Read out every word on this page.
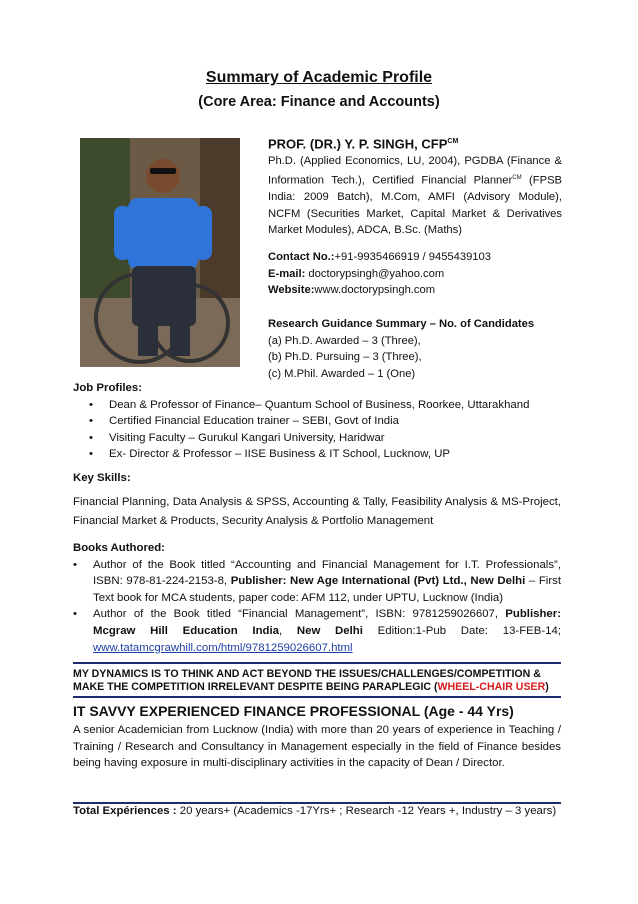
Summary of Academic Profile
(Core Area: Finance and Accounts)
PROF. (DR.) Y. P. SINGH, $CFP^{CM}$
Ph.D. (Applied Economics, LU, 2004), PGDBA (Finance & Information Tech.), Certified Financial Planner$^{CM}$ (FPSB India: 2009 Batch), M.Com, AMFI (Advisory Module), NCFM (Securities Market, Capital Market & Derivatives Market Modules), ADCA, B.Sc. (Maths)
Contact No.:+91-9935466919 / 9455439103
E-mail: doctorypsingh@yahoo.com
Website:www.doctorypsingh.com
Research Guidance Summary – No. of Candidates
(a) Ph.D. Awarded – 3 (Three),
(b) Ph.D. Pursuing – 3 (Three),
(c) M.Phil. Awarded – 1 (One)
Job Profiles:
• Dean & Professor of Finance– Quantum School of Business, Roorkee, Uttarakhand
• Certified Financial Education trainer – SEBI, Govt of India
• Visiting Faculty – Gurukul Kangari University, Haridwar
• Ex- Director & Professor – IISE Business & IT School, Lucknow, UP
Key Skills:
Financial Planning, Data Analysis & SPSS, Accounting & Tally, Feasibility Analysis & MS-Project, Financial Market & Products, Security Analysis & Portfolio Management
Books Authored:
• Author of the Book titled “Accounting and Financial Management for I.T. Professionals”, ISBN: 978-81-224-2153-8, Publisher: New Age International (Pvt) Ltd., New Delhi – First Text book for MCA students, paper code: AFM 112, under UPTU, Lucknow (India)
• Author of the Book titled “Financial Management”, ISBN: 9781259026607, Publisher: Mcgraw Hill Education India, New Delhi Edition:1-Pub Date: 13-FEB-14; www.tatamcgrawhill.com/html/9781259026607.html
MY DYNAMICS IS TO THINK AND ACT BEYOND THE ISSUES/CHALLENGES/COMPETITION & MAKE THE COMPETITION IRRELEVANT DESPITE BEING PARAPLEGIC (WHEEL-CHAIR USER)
IT SAVVY EXPERIENCED FINANCE PROFESSIONAL (Age - 44 Yrs)
A senior Academician from Lucknow (India) with more than 20 years of experience in Teaching / Training / Research and Consultancy in Management especially in the field of Finance besides being having exposure in multi-disciplinary activities in the capacity of Dean / Director.
Total Expériences : 20 years+ (Academics -17Yrs+ ; Research -12 Years +, Industry – 3 years)
